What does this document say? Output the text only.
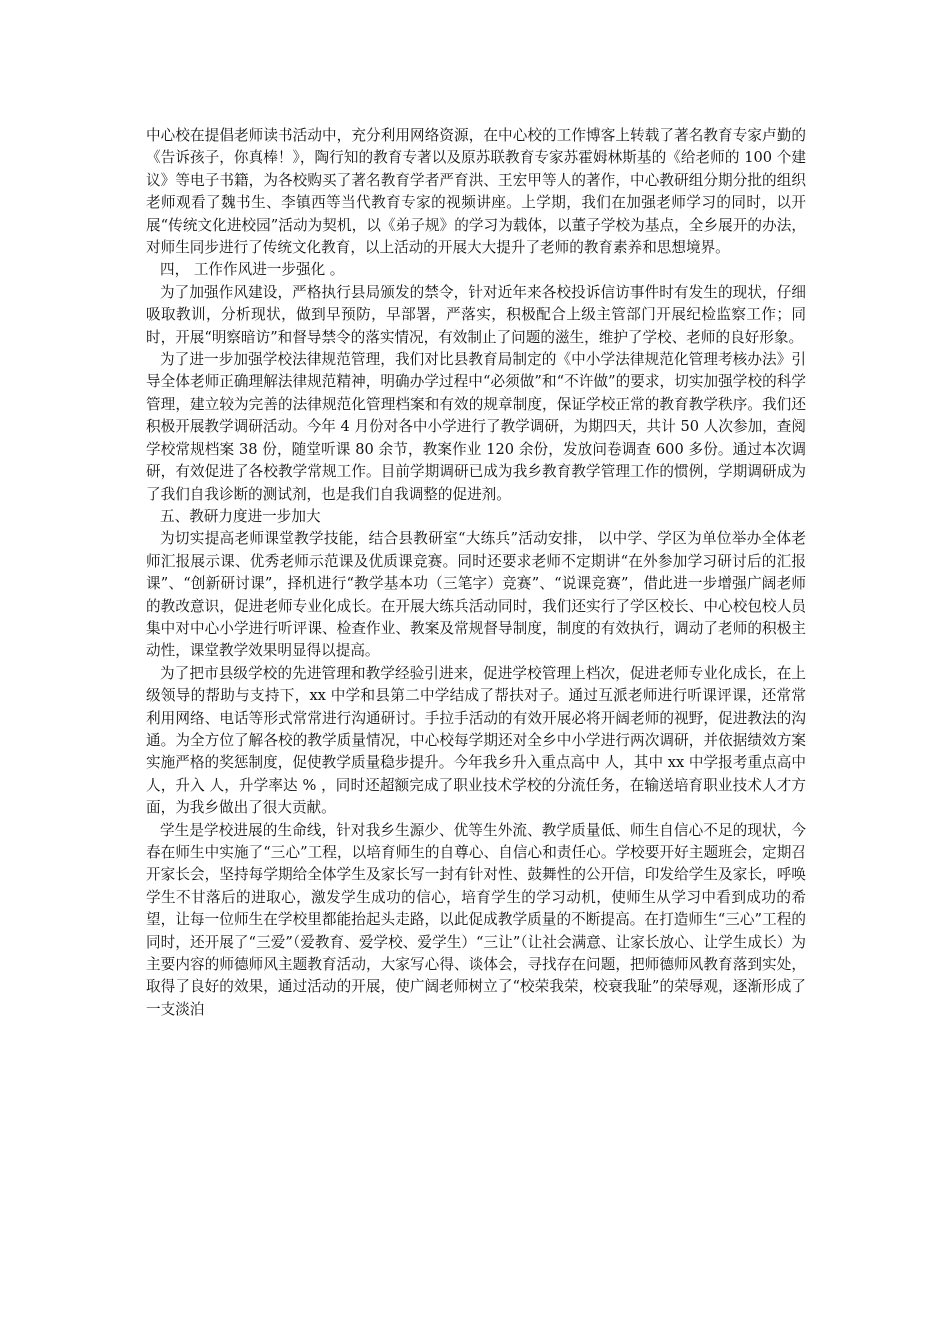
中心校在提倡老师读书活动中，充分利用网络资源，在中心校的工作博客上转载了著名教育专家卢勤的《告诉孩子，你真棒！》，陶行知的教育专著以及原苏联教育专家苏霍姆林斯基的《给老师的 100 个建议》等电子书籍，为各校购买了著名教育学者严育洪、王宏甲等人的著作，中心教研组分期分批的组织老师观看了魏书生、李镇西等当代教育专家的视频讲座。上学期，我们在加强老师学习的同时，以开展“传统文化进校园”活动为契机，以《弟子规》的学习为载体，以董子学校为基点，全乡展开的办法，对师生同步进行了传统文化教育，以上活动的开展大大提升了老师的教育素养和思想境界。

四， 工作作风进一步强化 。

为了加强作风建设，严格执行县局颁发的禁令，针对近年来各校投诉信访事件时有发生的现状，仔细吸取教训，分析现状，做到早预防，早部署，严落实，积极配合上级主管部门开展纪检监察工作；同时，开展“明察暗访”和督导禁令的落实情况，有效制止了问题的滋生，维护了学校、老师的良好形象。

为了进一步加强学校法律规范管理，我们对比县教育局制定的《中小学法律规范化管理考核办法》引导全体老师正确理解法律规范精神，明确办学过程中“必须做”和“不许做”的要求，切实加强学校的科学管理，建立较为完善的法律规范化管理档案和有效的规章制度，保证学校正常的教育教学秩序。我们还积极开展教学调研活动。今年 4 月份对各中小学进行了教学调研，为期四天，共计 50 人次参加，查阅学校常规档案 38 份，随堂听课 80 余节，教案作业 120 余份，发放问卷调查 600 多份。通过本次调研，有效促进了各校教学常规工作。目前学期调研已成为我乡教育教学管理工作的惯例，学期调研成为了我们自我诊断的测试剂，也是我们自我调整的促进剂。

五、教研力度进一步加大

为切实提高老师课堂教学技能，结合县教研室“大练兵”活动安排， 以中学、学区为单位举办全体老师汇报展示课、优秀老师示范课及优质课竞赛。同时还要求老师不定期讲“在外参加学习研讨后的汇报课”、“创新研讨课”，择机进行“教学基本功（三笔字）竞赛”、“说课竞赛”，借此进一步增强广阔老师的教改意识，促进老师专业化成长。在开展大练兵活动同时，我们还实行了学区校长、中心校包校人员集中对中心小学进行听评课、检查作业、教案及常规督导制度，制度的有效执行，调动了老师的积极主动性，课堂教学效果明显得以提高。

为了把市县级学校的先进管理和教学经验引进来，促进学校管理上档次，促进老师专业化成长，在上级领导的帮助与支持下，xx 中学和县第二中学结成了帮扶对子。通过互派老师进行听课评课，还常常利用网络、电话等形式常常进行沟通研讨。手拉手活动的有效开展必将开阔老师的视野，促进教法的沟通。为全方位了解各校的教学质量情况，中心校每学期还对全乡中小学进行两次调研，并依据绩效方案实施严格的奖惩制度，促使教学质量稳步提升。今年我乡升入重点高中 人，其中 xx 中学报考重点高中 人，升入 人，升学率达 % ，同时还超额完成了职业技术学校的分流任务，在输送培育职业技术人才方面，为我乡做出了很大贡献。

学生是学校进展的生命线，针对我乡生源少、优等生外流、教学质量低、师生自信心不足的现状，今春在师生中实施了“三心”工程，以培育师生的自尊心、自信心和责任心。学校要开好主题班会，定期召开家长会，坚持每学期给全体学生及家长写一封有针对性、鼓舞性的公开信，印发给学生及家长，呼唤学生不甘落后的进取心，激发学生成功的信心，培育学生的学习动机，使师生从学习中看到成功的希望，让每一位师生在学校里都能抬起头走路，以此促成教学质量的不断提高。在打造师生“三心”工程的同时，还开展了“三爱”（爱教育、爱学校、爱学生）“三让”（让社会满意、让家长放心、让学生成长）为主要内容的师德师风主题教育活动，大家写心得、谈体会，寻找存在问题，把师德师风教育落到实处，取得了良好的效果，通过活动的开展，使广阔老师树立了“校荣我荣，校衰我耻”的荣辱观，逐渐形成了一支淡泊
